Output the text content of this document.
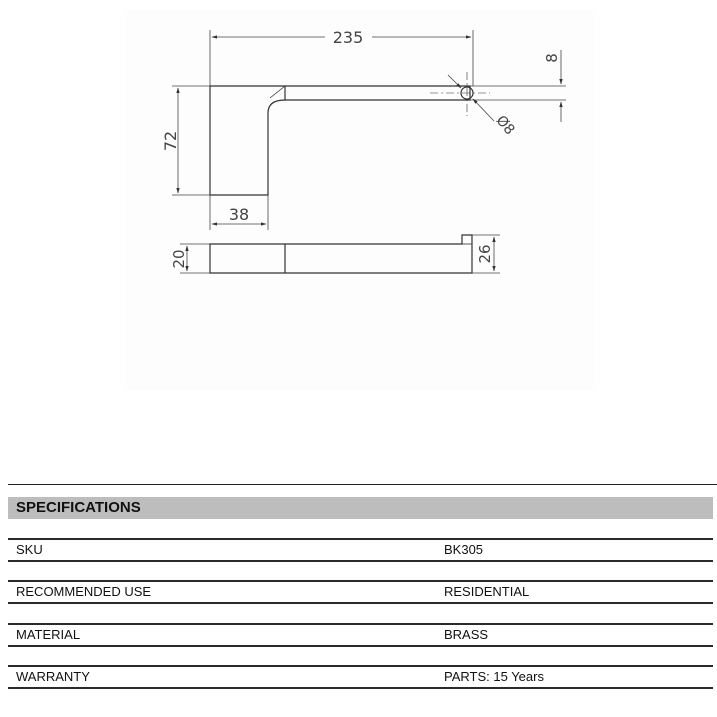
235
72
38
8
Ø8
20	26
SPECIFICATIONS
SKU	BK305
RECOMMENDED USE	RESIDENTIAL
MATERIAL	BRASS
WARRANTY	PARTS: 15 Years
